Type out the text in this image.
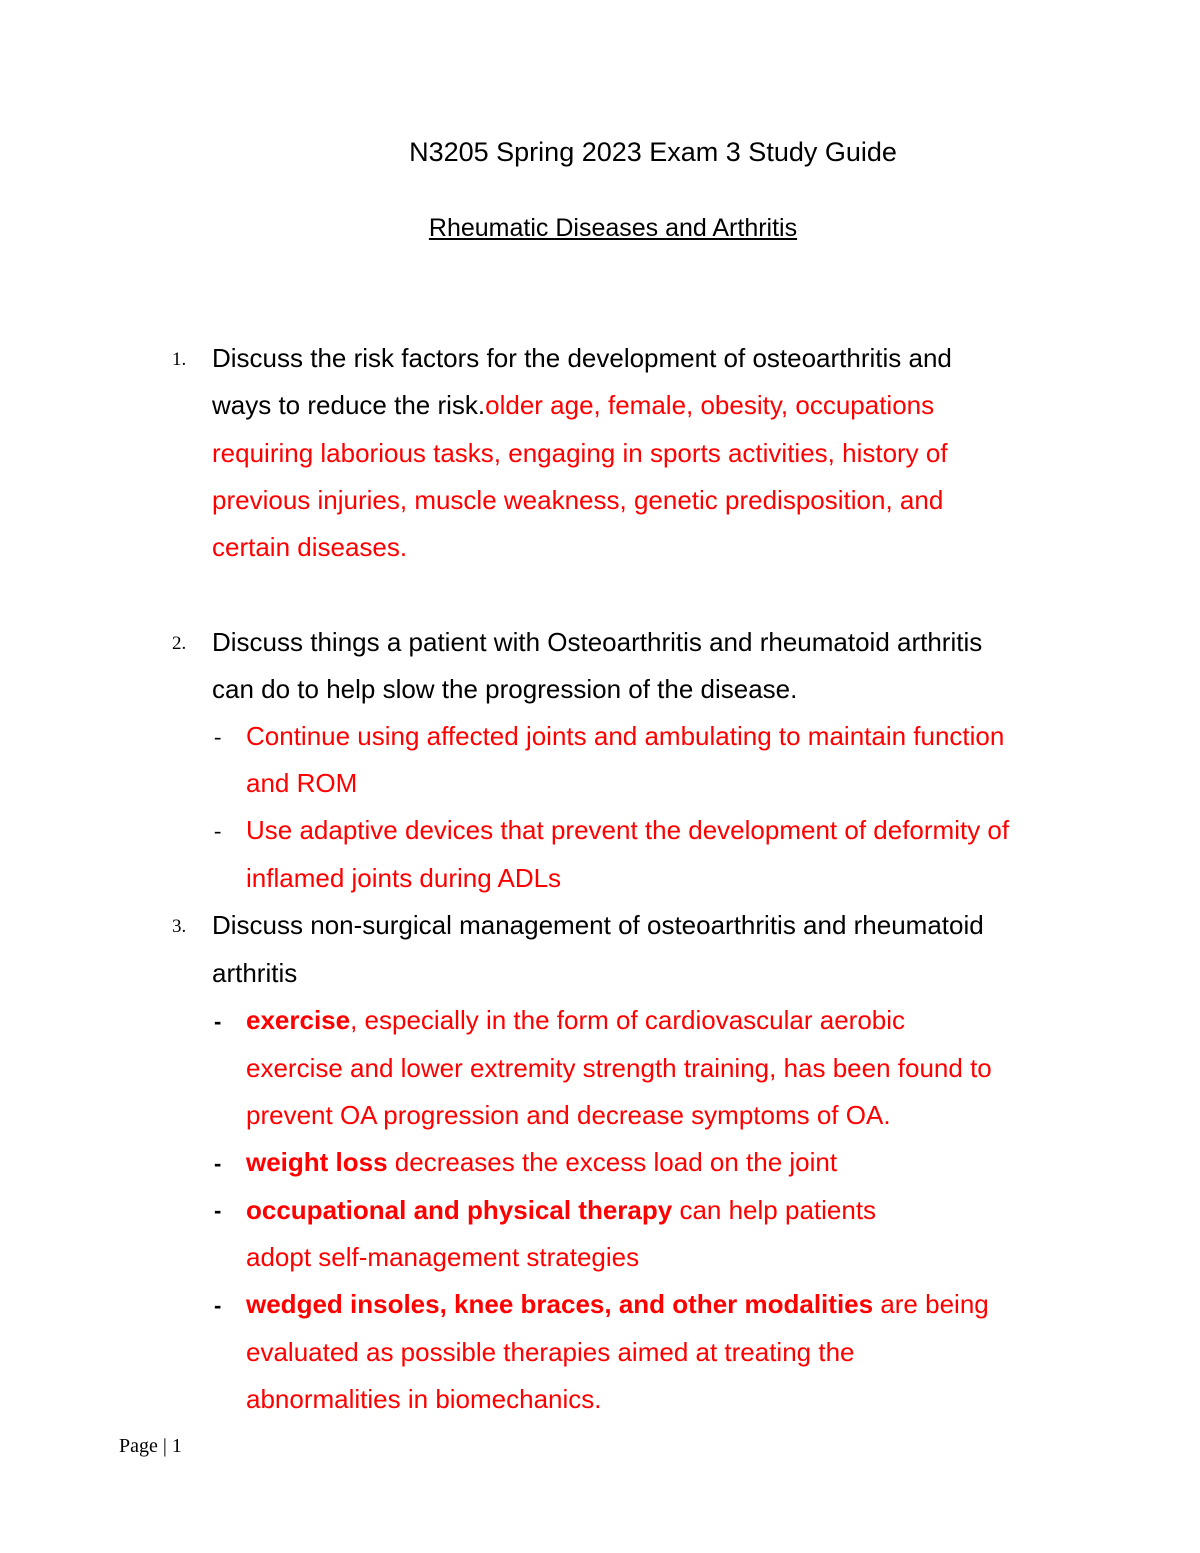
N3205 Spring 2023 Exam 3 Study Guide
Rheumatic Diseases and Arthritis
1. Discuss the risk factors for the development of osteoarthritis and
ways to reduce the risk.older age, female, obesity, occupations
requiring laborious tasks, engaging in sports activities, history of
previous injuries, muscle weakness, genetic predisposition, and
certain diseases.
2. Discuss things a patient with Osteoarthritis and rheumatoid arthritis
can do to help slow the progression of the disease.
- Continue using affected joints and ambulating to maintain function
and ROM
- Use adaptive devices that prevent the development of deformity of
inflamed joints during ADLs
3. Discuss non-surgical management of osteoarthritis and rheumatoid
arthritis
- exercise, especially in the form of cardiovascular aerobic
exercise and lower extremity strength training, has been found to
prevent OA progression and decrease symptoms of OA.
- weight loss decreases the excess load on the joint
- occupational and physical therapy can help patients
adopt self-management strategies
- wedged insoles, knee braces, and other modalities are being
evaluated as possible therapies aimed at treating the
abnormalities in biomechanics.
Page | 1
